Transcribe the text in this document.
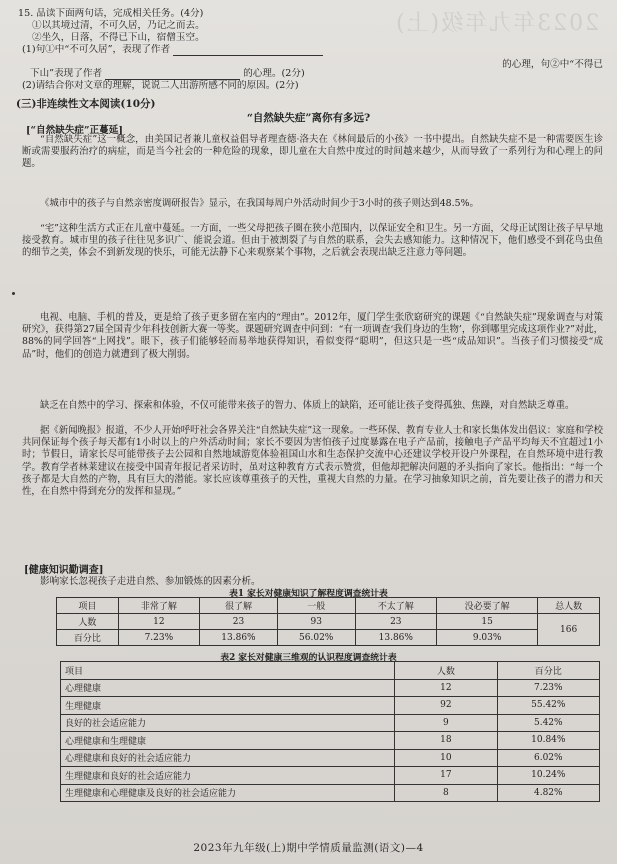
2023年九年级(上)
15. 品读下面两句话，完成相关任务。(4分)
①以其境过清，不可久居，乃记之而去。
②坐久，日落，不得已下山，宿僧玉空。
(1)句①中“不可久居”，表现了作者
的心理，句②中“不得已
下山”表现了作者	的心理。(2分)
(2)请结合你对文章的理解，说说二人出游所感不同的原因。(2分)
(三)非连续性文本阅读(10分)
“自然缺失症”离你有多远?
[“自然缺失症”正蔓延]
“自然缺失症”这一概念，由美国记者兼儿童权益倡导者理查德·洛夫在《林间最后的小孩》一书中提出。自然缺失症不是一种需要医生诊断或需要服药治疗的病症，而是当今社会的一种危险的现象，即儿童在大自然中度过的时间越来越少，从而导致了一系列行为和心理上的问题。
《城市中的孩子与自然亲密度调研报告》显示，在我国每周户外活动时间少于3小时的孩子则达到48.5%。
“宅”这种生活方式正在儿童中蔓延。一方面，一些父母把孩子圈在狭小范围内，以保证安全和卫生。另一方面，父母正试图让孩子早早地接受教育。城市里的孩子往往见多识广、能说会道。但由于被割裂了与自然的联系，会失去感知能力。这种情况下，他们感受不到花鸟虫鱼的细节之美，体会不到新发现的快乐，可能无法静下心来观察某个事物，之后就会表现出缺乏注意力等问题。
电视、电脑、手机的普及，更是给了孩子更多留在室内的“理由”。2012年，厦门学生张欣窈研究的课题《“自然缺失症”现象调查与对策研究》，获得第27届全国青少年科技创新大赛一等奖。课题研究调查中问到：“有一项调查‘我们身边的生物’，你到哪里完成这项作业?”对此，88%的同学回答“上网找”。眼下，孩子们能够轻而易举地获得知识，看似变得“聪明”，但这只是一些“成品知识”。当孩子们习惯接受“成品”时，他们的创造力就遭到了极大削弱。
缺乏在自然中的学习、探索和体验，不仅可能带来孩子的智力、体质上的缺陷，还可能让孩子变得孤独、焦躁，对自然缺乏尊重。
据《新闻晚报》报道，不少人开始呼吁社会各界关注“自然缺失症”这一现象。一些环保、教育专业人士和家长集体发出倡议：家庭和学校共同保证每个孩子每天都有1小时以上的户外活动时间；家长不要因为害怕孩子过度暴露在电子产品前，接触电子产品平均每天不宜超过1小时；节假日，请家长尽可能带孩子去公园和自然地域游览体验祖国山水和生态保护交流中心还建议学校开设户外课程，在自然环境中进行教学。教育学者林莱建议在接受中国青年报记者采访时，虽对这种教育方式表示赞赏，但他却把解决问题的矛头指向了家长。他指出：“每一个孩子都是大自然的产物，具有巨大的潜能。家长应该尊重孩子的天性，重视大自然的力量。在学习抽象知识之前，首先要让孩子的潜力和天性，在自然中得到充分的发挥和显现。”
[健康知识勤调查]
影响家长忽视孩子走进自然、参加锻炼的因素分析。
表1 家长对健康知识了解程度调查统计表
项目	非常了解	很了解	一般	不太了解	没必要了解	总人数
人数	12	23	93	23	15	166
百分比	7.23%	13.86%	56.02%	13.86%	9.03%	
表2 家长对健康三维观的认识程度调查统计表
项目	人数	百分比
心理健康	12	7.23%
生理健康	92	55.42%
良好的社会适应能力	9	5.42%
心理健康和生理健康	18	10.84%
心理健康和良好的社会适应能力	10	6.02%
生理健康和良好的社会适应能力	17	10.24%
生理健康和心理健康及良好的社会适应能力	8	4.82%
2023年九年级(上)期中学情质量监测(语文)—4
